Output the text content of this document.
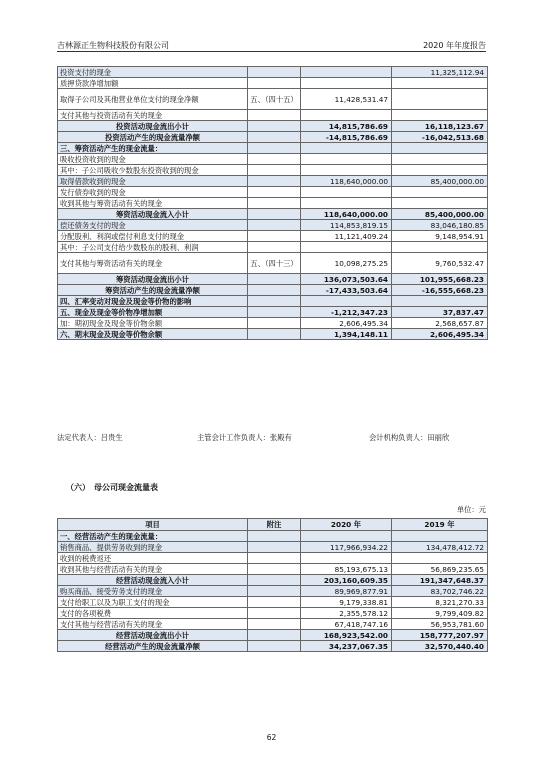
吉林源正生物科技股份有限公司	2020 年年度报告
投资支付的现金			11,325,112.94
质押贷款净增加额			
取得子公司及其他营业单位支付的现金净额	五、（四十五）	11,428,531.47	
支付其他与投资活动有关的现金			
投资活动现金流出小计		14,815,786.69	16,118,123.67
投资活动产生的现金流量净额		-14,815,786.69	-16,042,513.68
三、筹资活动产生的现金流量：			
吸收投资收到的现金			
其中：子公司吸收少数股东投资收到的现金			
取得借款收到的现金		118,640,000.00	85,400,000.00
发行债券收到的现金			
收到其他与筹资活动有关的现金			
筹资活动现金流入小计		118,640,000.00	85,400,000.00
偿还债务支付的现金		114,853,819.15	83,046,180.85
分配股利、利润或偿付利息支付的现金		11,121,409.24	9,148,954.91
其中：子公司支付给少数股东的股利、利润			
支付其他与筹资活动有关的现金	五、（四十三）	10,098,275.25	9,760,532.47
筹资活动现金流出小计		136,073,503.64	101,955,668.23
筹资活动产生的现金流量净额		-17,433,503.64	-16,555,668.23
四、汇率变动对现金及现金等价物的影响			
五、现金及现金等价物净增加额		-1,212,347.23	37,837.47
加：期初现金及现金等价物余额		2,606,495.34	2,568,657.87
六、期末现金及现金等价物余额		1,394,148.11	2,606,495.34
法定代表人：吕贵生	主管会计工作负责人：张殿有	会计机构负责人：田丽欣
（六）　母公司现金流量表
单位：元
项目	附注	2020 年	2019 年
一、经营活动产生的现金流量：			
销售商品、提供劳务收到的现金		117,966,934.22	134,478,412.72
收到的税费返还			
收到其他与经营活动有关的现金		85,193,675.13	56,869,235.65
经营活动现金流入小计		203,160,609.35	191,347,648.37
购买商品、接受劳务支付的现金		89,969,877.91	83,702,746.22
支付给职工以及为职工支付的现金		9,179,338.81	8,321,270.33
支付的各项税费		2,355,578.12	9,799,409.82
支付其他与经营活动有关的现金		67,418,747.16	56,953,781.60
经营活动现金流出小计		168,923,542.00	158,777,207.97
经营活动产生的现金流量净额		34,237,067.35	32,570,440.40
62
